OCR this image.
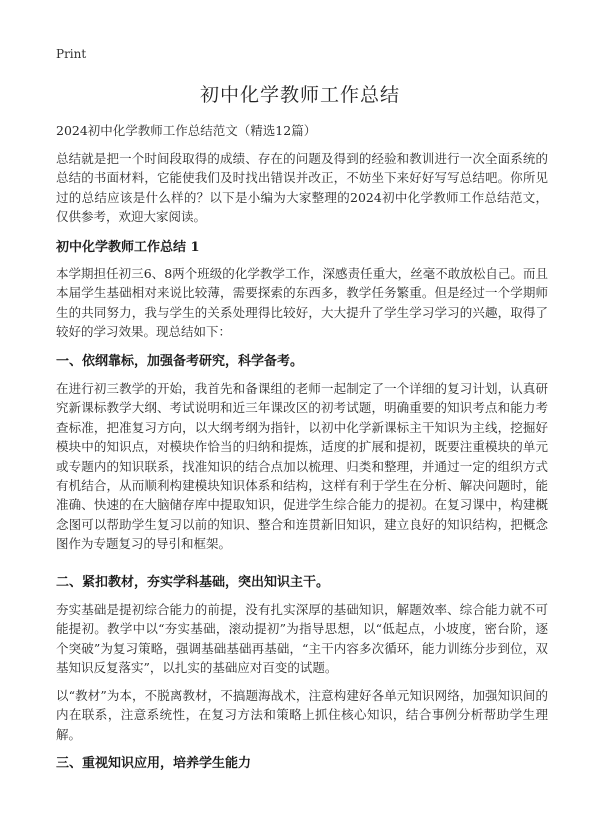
Print
初中化学教师工作总结

2024初中化学教师工作总结范文（精选12篇）

总结就是把一个时间段取得的成绩、存在的问题及得到的经验和教训进行一次全面系统的总结的书面材料，它能使我们及时找出错误并改正，不妨坐下来好好写写总结吧。你所见过的总结应该是什么样的？以下是小编为大家整理的2024初中化学教师工作总结范文，仅供参考，欢迎大家阅读。

初中化学教师工作总结 1

本学期担任初三6、8两个班级的化学教学工作，深感责任重大，丝毫不敢放松自己。而且本届学生基础相对来说比较薄，需要探索的东西多，教学任务繁重。但是经过一个学期师生的共同努力，我与学生的关系处理得比较好，大大提升了学生学习学习的兴趣，取得了较好的学习效果。现总结如下：

一、依纲靠标，加强备考研究，科学备考。

在进行初三教学的开始，我首先和备课组的老师一起制定了一个详细的复习计划，认真研究新课标教学大纲、考试说明和近三年课改区的初考试题，明确重要的知识考点和能力考查标准，把准复习方向，以大纲考纲为指针，以初中化学新课标主干知识为主线，挖掘好模块中的知识点，对模块作恰当的归纳和提炼，适度的扩展和提初，既要注重模块的单元或专题内的知识联系，找准知识的结合点加以梳理、归类和整理，并通过一定的组织方式有机结合，从而顺利构建模块知识体系和结构，这样有利于学生在分析、解决问题时，能准确、快速的在大脑储存库中提取知识，促进学生综合能力的提初。在复习课中，构建概念图可以帮助学生复习以前的知识、整合和连贯新旧知识，建立良好的知识结构，把概念图作为专题复习的导引和框架。

二、紧扣教材，夯实学科基础，突出知识主干。

夯实基础是提初综合能力的前提，没有扎实深厚的基础知识，解题效率、综合能力就不可能提初。教学中以“夯实基础，滚动提初”为指导思想，以“低起点，小坡度，密台阶，逐个突破”为复习策略，强调基础基础再基础，“主干内容多次循环，能力训练分步到位，双基知识反复落实”，以扎实的基础应对百变的试题。

以“教材”为本，不脱离教材，不搞题海战术，注意构建好各单元知识网络，加强知识间的内在联系，注意系统性，在复习方法和策略上抓住核心知识，结合事例分析帮助学生理解。

三、重视知识应用，培养学生能力
